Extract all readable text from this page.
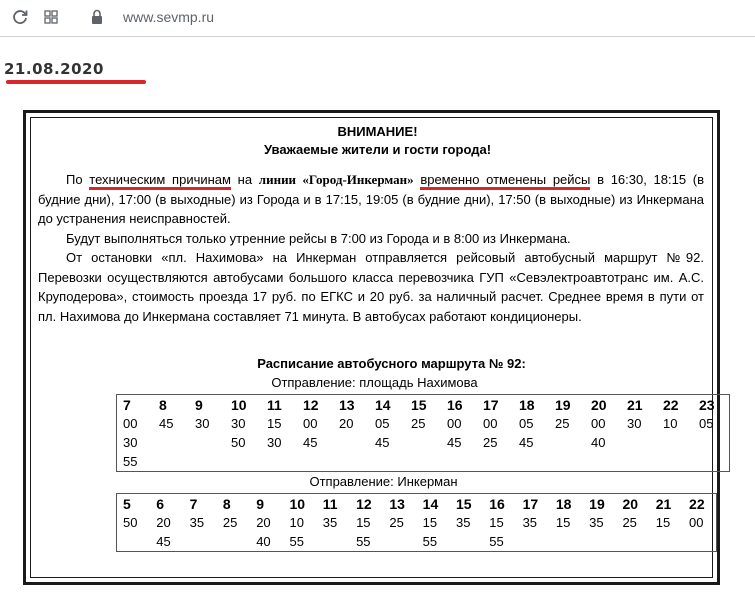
www.sevmp.ru
21.08.2020
ВНИМАНИЕ!
Уважаемые жители и гости города!

По техническим причинам на линии «Город-Инкерман» временно отменены рейсы в 16:30, 18:15 (в будние дни), 17:00 (в выходные) из Города и в 17:15, 19:05 (в будние дни), 17:50 (в выходные) из Инкермана до устранения неисправностей.

Будут выполняться только утренние рейсы в 7:00 из Города и в 8:00 из Инкермана.

От остановки «пл. Нахимова» на Инкерман отправляется рейсовый автобусный маршрут №92. Перевозки осуществляются автобусами большого класса перевозчика ГУП «Севэлектроавтотранс им. А.С. Круподерова», стоимость проезда 17 руб. по ЕГКС и 20 руб. за наличный расчет. Среднее время в пути от пл. Нахимова до Инкермана составляет 71 минута. В автобусах работают кондиционеры.

Расписание автобусного маршрута № 92:
Отправление: площадь Нахимова
7	8	9	10	11	12	13	14	15	16	17	18	19	20	21	22	23
00	45	30	30	15	00	20	05	25	00	00	05	25	00	30	10	05
30			50	30	45		45		45	25	45		40			
55																
Отправление: Инкерман
5	6	7	8	9	10	11	12	13	14	15	16	17	18	19	20	21	22
50	20	35	25	20	10	35	15	25	15	35	15	35	15	35	25	15	00
	45			40	55		55		55		55						
